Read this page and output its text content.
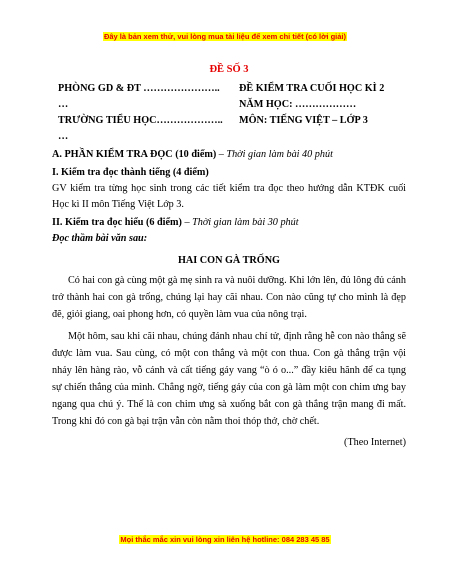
Đây là bản xem thử, vui lòng mua tài liệu để xem chi tiết (có lời giải)
ĐỀ SỐ 3
PHÒNG GD & ĐT ………………….. ĐỀ KIỂM TRA CUỐI HỌC KÌ 2
…	NĂM HỌC: ………………
TRƯỜNG TIỂU HỌC……………….. MÔN: TIẾNG VIỆT – LỚP 3
…
A. PHẦN KIỂM TRA ĐỌC (10 điểm) – Thời gian làm bài 40 phút
I. Kiểm tra đọc thành tiếng (4 điểm)
GV kiểm tra từng học sinh trong các tiết kiểm tra đọc theo hướng dẫn KTĐK cuối Học kì II môn Tiếng Việt Lớp 3.
II. Kiểm tra đọc hiểu (6 điểm) – Thời gian làm bài 30 phút
Đọc thầm bài văn sau:
HAI CON GÀ TRỐNG

Có hai con gà cùng một gà mẹ sinh ra và nuôi dưỡng. Khi lớn lên, đủ lông đủ cánh trở thành hai con gà trống, chúng lại hay cãi nhau. Con nào cũng tự cho mình là đẹp đẽ, giỏi giang, oai phong hơn, có quyền làm vua của nông trại.

Một hôm, sau khi cãi nhau, chúng đánh nhau chí tử, định rằng hễ con nào thắng sẽ được làm vua. Sau cùng, có một con thắng và một con thua. Con gà thắng trận vội nhảy lên hàng rào, vỗ cánh và cất tiếng gáy vang “ò ó o...” đầy kiêu hãnh để ca tụng sự chiến thắng của mình. Chẳng ngờ, tiếng gáy của con gà làm một con chim ưng bay ngang qua chú ý. Thế là con chim ưng sà xuống bắt con gà thắng trận mang đi mất. Trong khi đó con gà bại trận vẫn còn nằm thoi thóp thở, chờ chết.

(Theo Internet)
Mọi thắc mắc xin vui lòng xin liên hệ hotline: 084 283 45 85
